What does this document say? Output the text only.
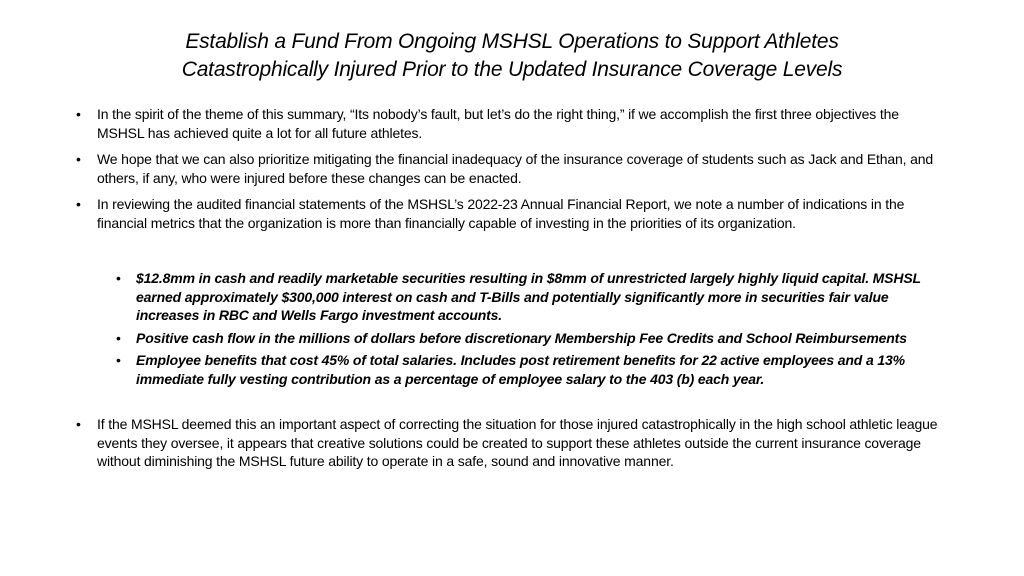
Establish a Fund From Ongoing MSHSL Operations to Support Athletes
Catastrophically Injured Prior to the Updated Insurance Coverage Levels
• In the spirit of the theme of this summary, “Its nobody’s fault, but let’s do the right thing,” if we accomplish the first three objectives the MSHSL has achieved quite a lot for all future athletes.
• We hope that we can also prioritize mitigating the financial inadequacy of the insurance coverage of students such as Jack and Ethan, and others, if any, who were injured before these changes can be enacted.
• In reviewing the audited financial statements of the MSHSL’s 2022-23 Annual Financial Report, we note a number of indications in the financial metrics that the organization is more than financially capable of investing in the priorities of its organization.
• $12.8mm in cash and readily marketable securities resulting in $8mm of unrestricted largely highly liquid capital. MSHSL earned approximately $300,000 interest on cash and T-Bills and potentially significantly more in securities fair value increases in RBC and Wells Fargo investment accounts.
• Positive cash flow in the millions of dollars before discretionary Membership Fee Credits and School Reimbursements
• Employee benefits that cost 45% of total salaries. Includes post retirement benefits for 22 active employees and a 13% immediate fully vesting contribution as a percentage of employee salary to the 403 (b) each year.
• If the MSHSL deemed this an important aspect of correcting the situation for those injured catastrophically in the high school athletic league events they oversee, it appears that creative solutions could be created to support these athletes outside the current insurance coverage without diminishing the MSHSL future ability to operate in a safe, sound and innovative manner.
